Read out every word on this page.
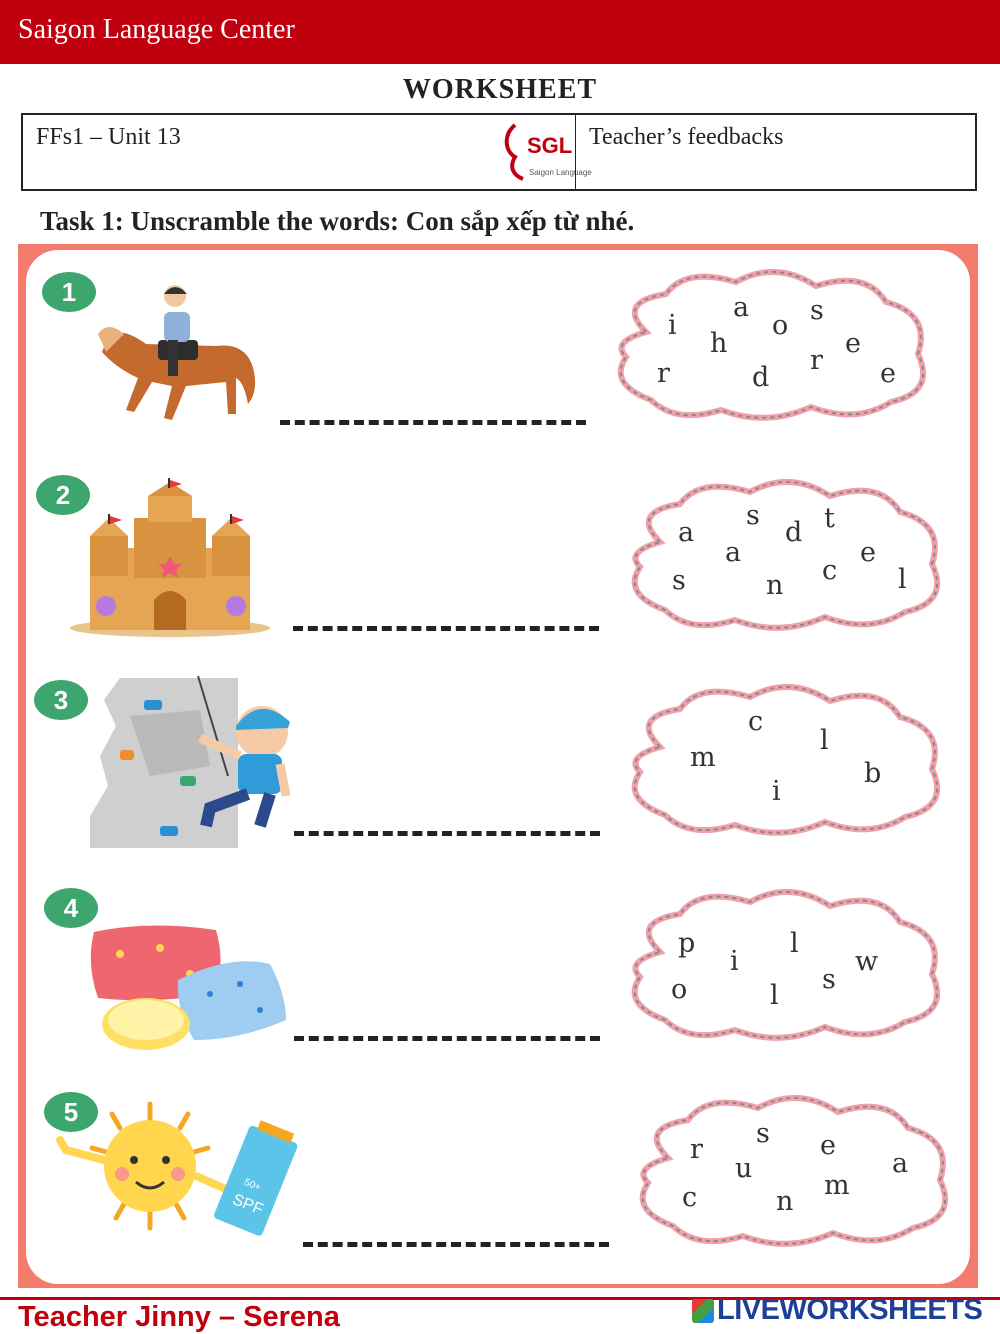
Saigon Language Center
WORKSHEET
FFs1 – Unit 13	SGL
Saigon Language
Teacher’s feedbacks
Task 1: Unscramble the words: Con sắp xếp từ nhé.
1	a s
i	o
h	e
r
r	d	e
2
s t
a	d
a	e
c
s	n	l
3
c
l
m
b
i
4
p	l
i	w
s
o	l
5
SPF
50+
s e
r	a
u
m
c	n
Teacher Jinny – Serena	LIVEWORKSHEETS
